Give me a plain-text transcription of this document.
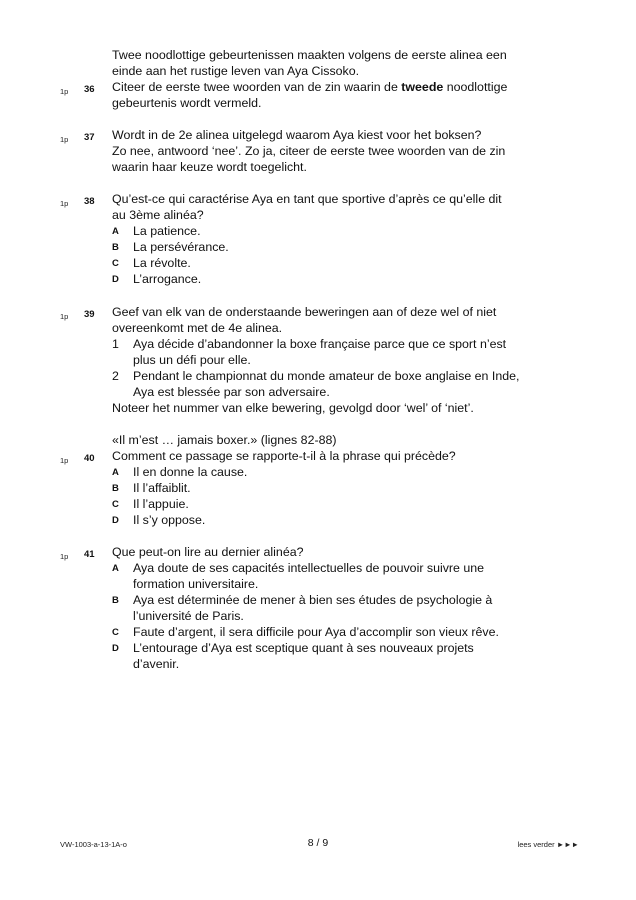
Twee noodlottige gebeurtenissen maakten volgens de eerste alinea een
einde aan het rustige leven van Aya Cissoko.
1p 36 Citeer de eerste twee woorden van de zin waarin de tweede noodlottige
gebeurtenis wordt vermeld.
1p 37 Wordt in de 2e alinea uitgelegd waarom Aya kiest voor het boksen?
Zo nee, antwoord ‘nee’. Zo ja, citeer de eerste twee woorden van de zin
waarin haar keuze wordt toegelicht.
1p 38 Qu’est-ce qui caractérise Aya en tant que sportive d’après ce qu’elle dit
au 3ème alinéa?
A La patience.
B La persévérance.
C La révolte.
D L’arrogance.
1p 39 Geef van elk van de onderstaande beweringen aan of deze wel of niet
overeenkomt met de 4e alinea.
1 Aya décide d’abandonner la boxe française parce que ce sport n’est
plus un défi pour elle.
2 Pendant le championnat du monde amateur de boxe anglaise en Inde,
Aya est blessée par son adversaire.
Noteer het nummer van elke bewering, gevolgd door ‘wel’ of ‘niet’.
«Il m’est … jamais boxer.» (lignes 82-88)
1p 40 Comment ce passage se rapporte-t-il à la phrase qui précède?
A Il en donne la cause.
B Il l’affaiblit.
C Il l’appuie.
D Il s’y oppose.
1p 41 Que peut-on lire au dernier alinéa?
A Aya doute de ses capacités intellectuelles de pouvoir suivre une
formation universitaire.
B Aya est déterminée de mener à bien ses études de psychologie à
l’université de Paris.
C Faute d’argent, il sera difficile pour Aya d’accomplir son vieux rêve.
D L’entourage d’Aya est sceptique quant à ses nouveaux projets
d’avenir.
VW-1003-a-13-1A-o	8 / 9	lees verder ►►►
